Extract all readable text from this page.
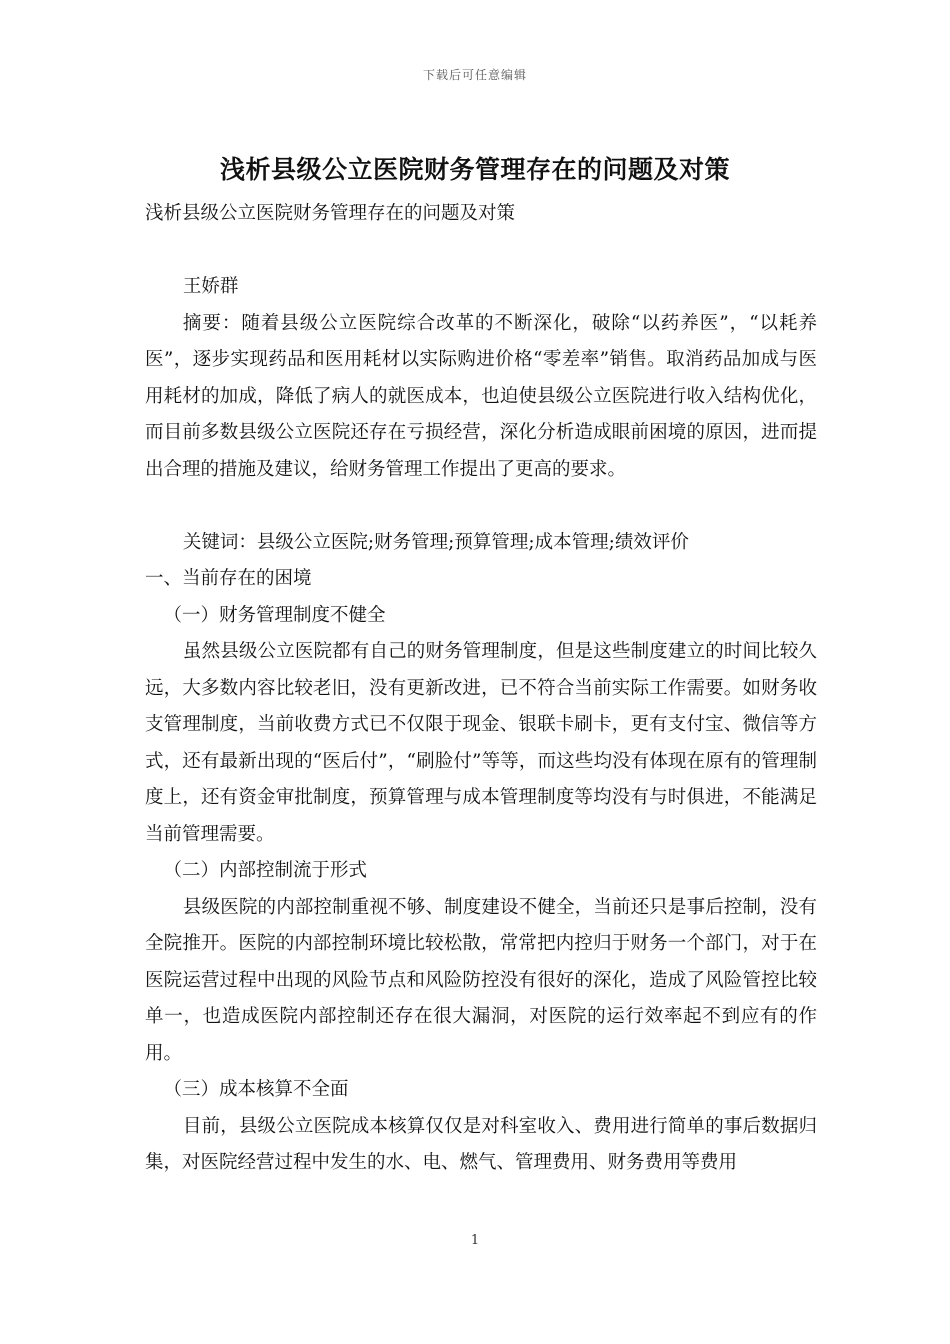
下载后可任意编辑
浅析县级公立医院财务管理存在的问题及对策

浅析县级公立医院财务管理存在的问题及对策

王娇群

摘要：随着县级公立医院综合改革的不断深化，破除“以药养医”，“以耗养医”，逐步实现药品和医用耗材以实际购进价格“零差率”销售。取消药品加成与医用耗材的加成，降低了病人的就医成本，也迫使县级公立医院进行收入结构优化，而目前多数县级公立医院还存在亏损经营，深化分析造成眼前困境的原因，进而提出合理的措施及建议，给财务管理工作提出了更高的要求。

关键词：县级公立医院;财务管理;预算管理;成本管理;绩效评价

一、当前存在的困境

（一）财务管理制度不健全

虽然县级公立医院都有自己的财务管理制度，但是这些制度建立的时间比较久远，大多数内容比较老旧，没有更新改进，已不符合当前实际工作需要。如财务收支管理制度，当前收费方式已不仅限于现金、银联卡刷卡，更有支付宝、微信等方式，还有最新出现的“医后付”，“刷脸付”等等，而这些均没有体现在原有的管理制度上，还有资金审批制度，预算管理与成本管理制度等均没有与时俱进，不能满足当前管理需要。

（二）内部控制流于形式

县级医院的内部控制重视不够、制度建设不健全，当前还只是事后控制，没有全院推开。医院的内部控制环境比较松散，常常把内控归于财务一个部门，对于在医院运营过程中出现的风险节点和风险防控没有很好的深化，造成了风险管控比较单一，也造成医院内部控制还存在很大漏洞，对医院的运行效率起不到应有的作用。

（三）成本核算不全面

目前，县级公立医院成本核算仅仅是对科室收入、费用进行简单的事后数据归集，对医院经营过程中发生的水、电、燃气、管理费用、财务费用等费用

1
